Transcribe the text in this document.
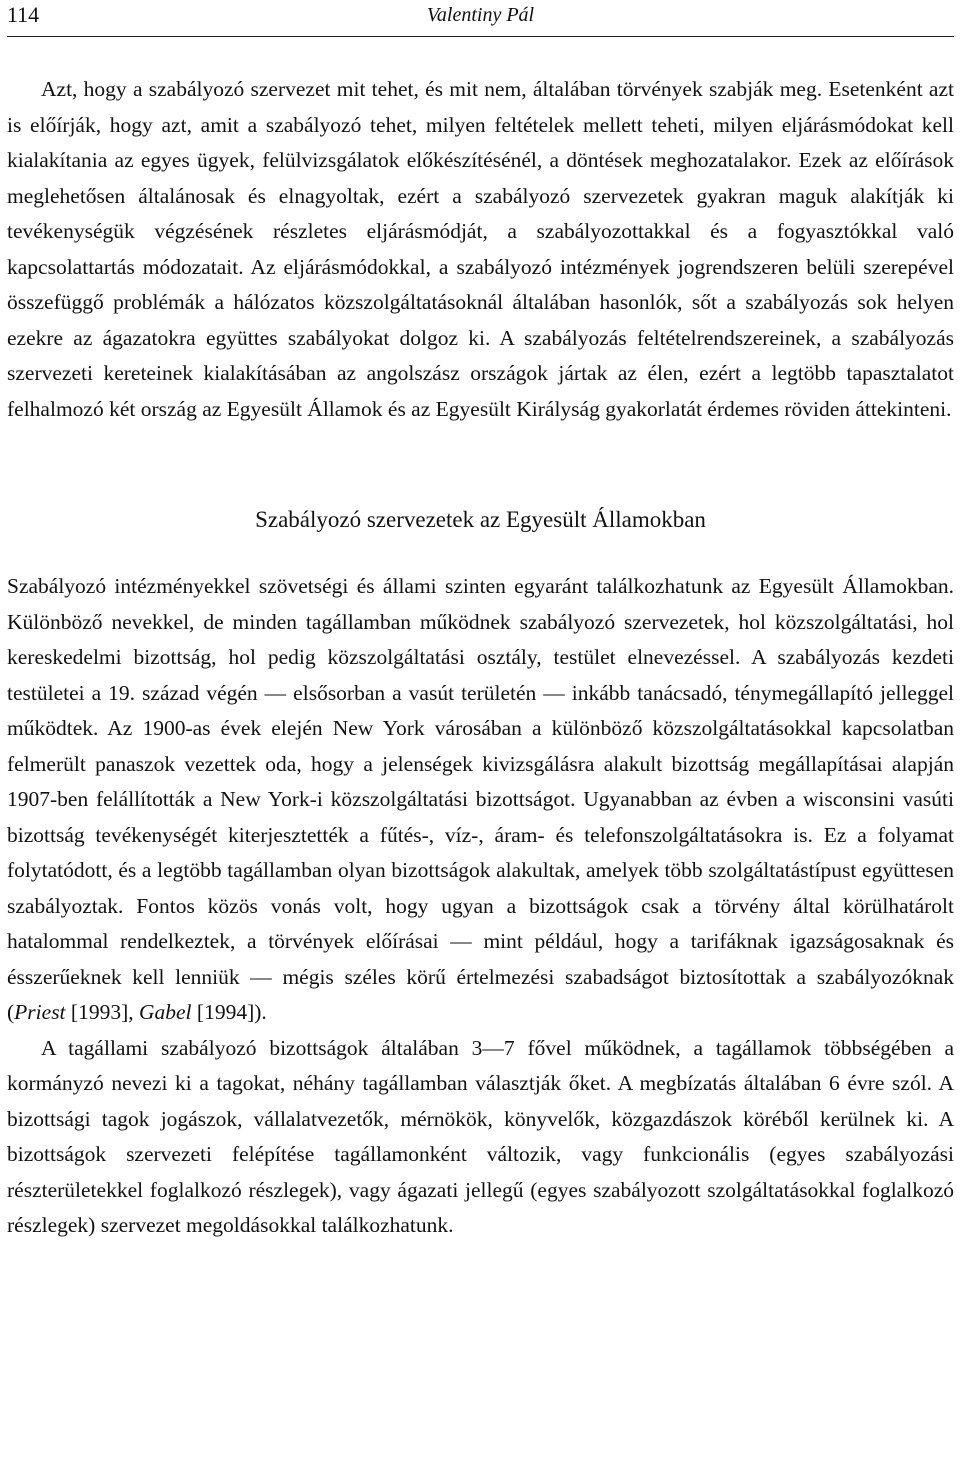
114	Valentiny Pál

Azt, hogy a szabályozó szervezet mit tehet, és mit nem, általában törvények szabják meg. Esetenként azt is előírják, hogy azt, amit a szabályozó tehet, milyen feltételek mellett teheti, milyen eljárásmódokat kell kialakítania az egyes ügyek, felülvizsgálatok előkészítésénél, a döntések meghozatalakor. Ezek az előírások meglehetősen általánosak és elnagyoltak, ezért a szabályozó szervezetek gyakran maguk alakítják ki tevékenységük végzésének részletes eljárásmódját, a szabályozottakkal és a fogyasztókkal való kapcsolattartás módozatait. Az eljárásmódokkal, a szabályozó intézmények jogrendszeren belüli szerepével összefüggő problémák a hálózatos közszolgáltatásoknál általában hasonlók, sőt a szabályozás sok helyen ezekre az ágazatokra együttes szabályokat dolgoz ki. A szabályozás feltételrendszereinek, a szabályozás szervezeti kereteinek kialakításában az angolszász országok jártak az élen, ezért a legtöbb tapasztalatot felhalmozó két ország az Egyesült Államok és az Egyesült Királyság gyakorlatát érdemes röviden áttekinteni.

Szabályozó szervezetek az Egyesült Államokban

Szabályozó intézményekkel szövetségi és állami szinten egyaránt találkozhatunk az Egyesült Államokban. Különböző nevekkel, de minden tagállamban működnek szabályozó szervezetek, hol közszolgáltatási, hol kereskedelmi bizottság, hol pedig közszolgáltatási osztály, testület elnevezéssel. A szabályozás kezdeti testületei a 19. század végén — elsősorban a vasút területén — inkább tanácsadó, ténymegállapító jelleggel működtek. Az 1900-as évek elején New York városában a különböző közszolgáltatásokkal kapcsolatban felmerült panaszok vezettek oda, hogy a jelenségek kivizsgálásra alakult bizottság megállapításai alapján 1907-ben felállították a New York-i közszolgáltatási bizottságot. Ugyanabban az évben a wisconsini vasúti bizottság tevékenységét kiterjesztették a fűtés-, víz-, áram- és telefonszolgáltatásokra is. Ez a folyamat folytatódott, és a legtöbb tagállamban olyan bizottságok alakultak, amelyek több szolgáltatástípust együttesen szabályoztak. Fontos közös vonás volt, hogy ugyan a bizottságok csak a törvény által körülhatárolt hatalommal rendelkeztek, a törvények előírásai — mint például, hogy a tarifáknak igazságosaknak és ésszerűeknek kell lenniük — mégis széles körű értelmezési szabadságot biztosítottak a szabályozóknak (Priest [1993], Gabel [1994]).

A tagállami szabályozó bizottságok általában 3—7 fővel működnek, a tagállamok többségében a kormányzó nevezi ki a tagokat, néhány tagállamban választják őket. A megbízatás általában 6 évre szól. A bizottsági tagok jogászok, vállalatvezetők, mérnökök, könyvelők, közgazdászok köréből kerülnek ki. A bizottságok szervezeti felépítése tagállamonként változik, vagy funkcionális (egyes szabályozási részterületekkel foglalkozó részlegek), vagy ágazati jellegű (egyes szabályozott szolgáltatásokkal foglalkozó részlegek) szervezet megoldásokkal találkozhatunk.
